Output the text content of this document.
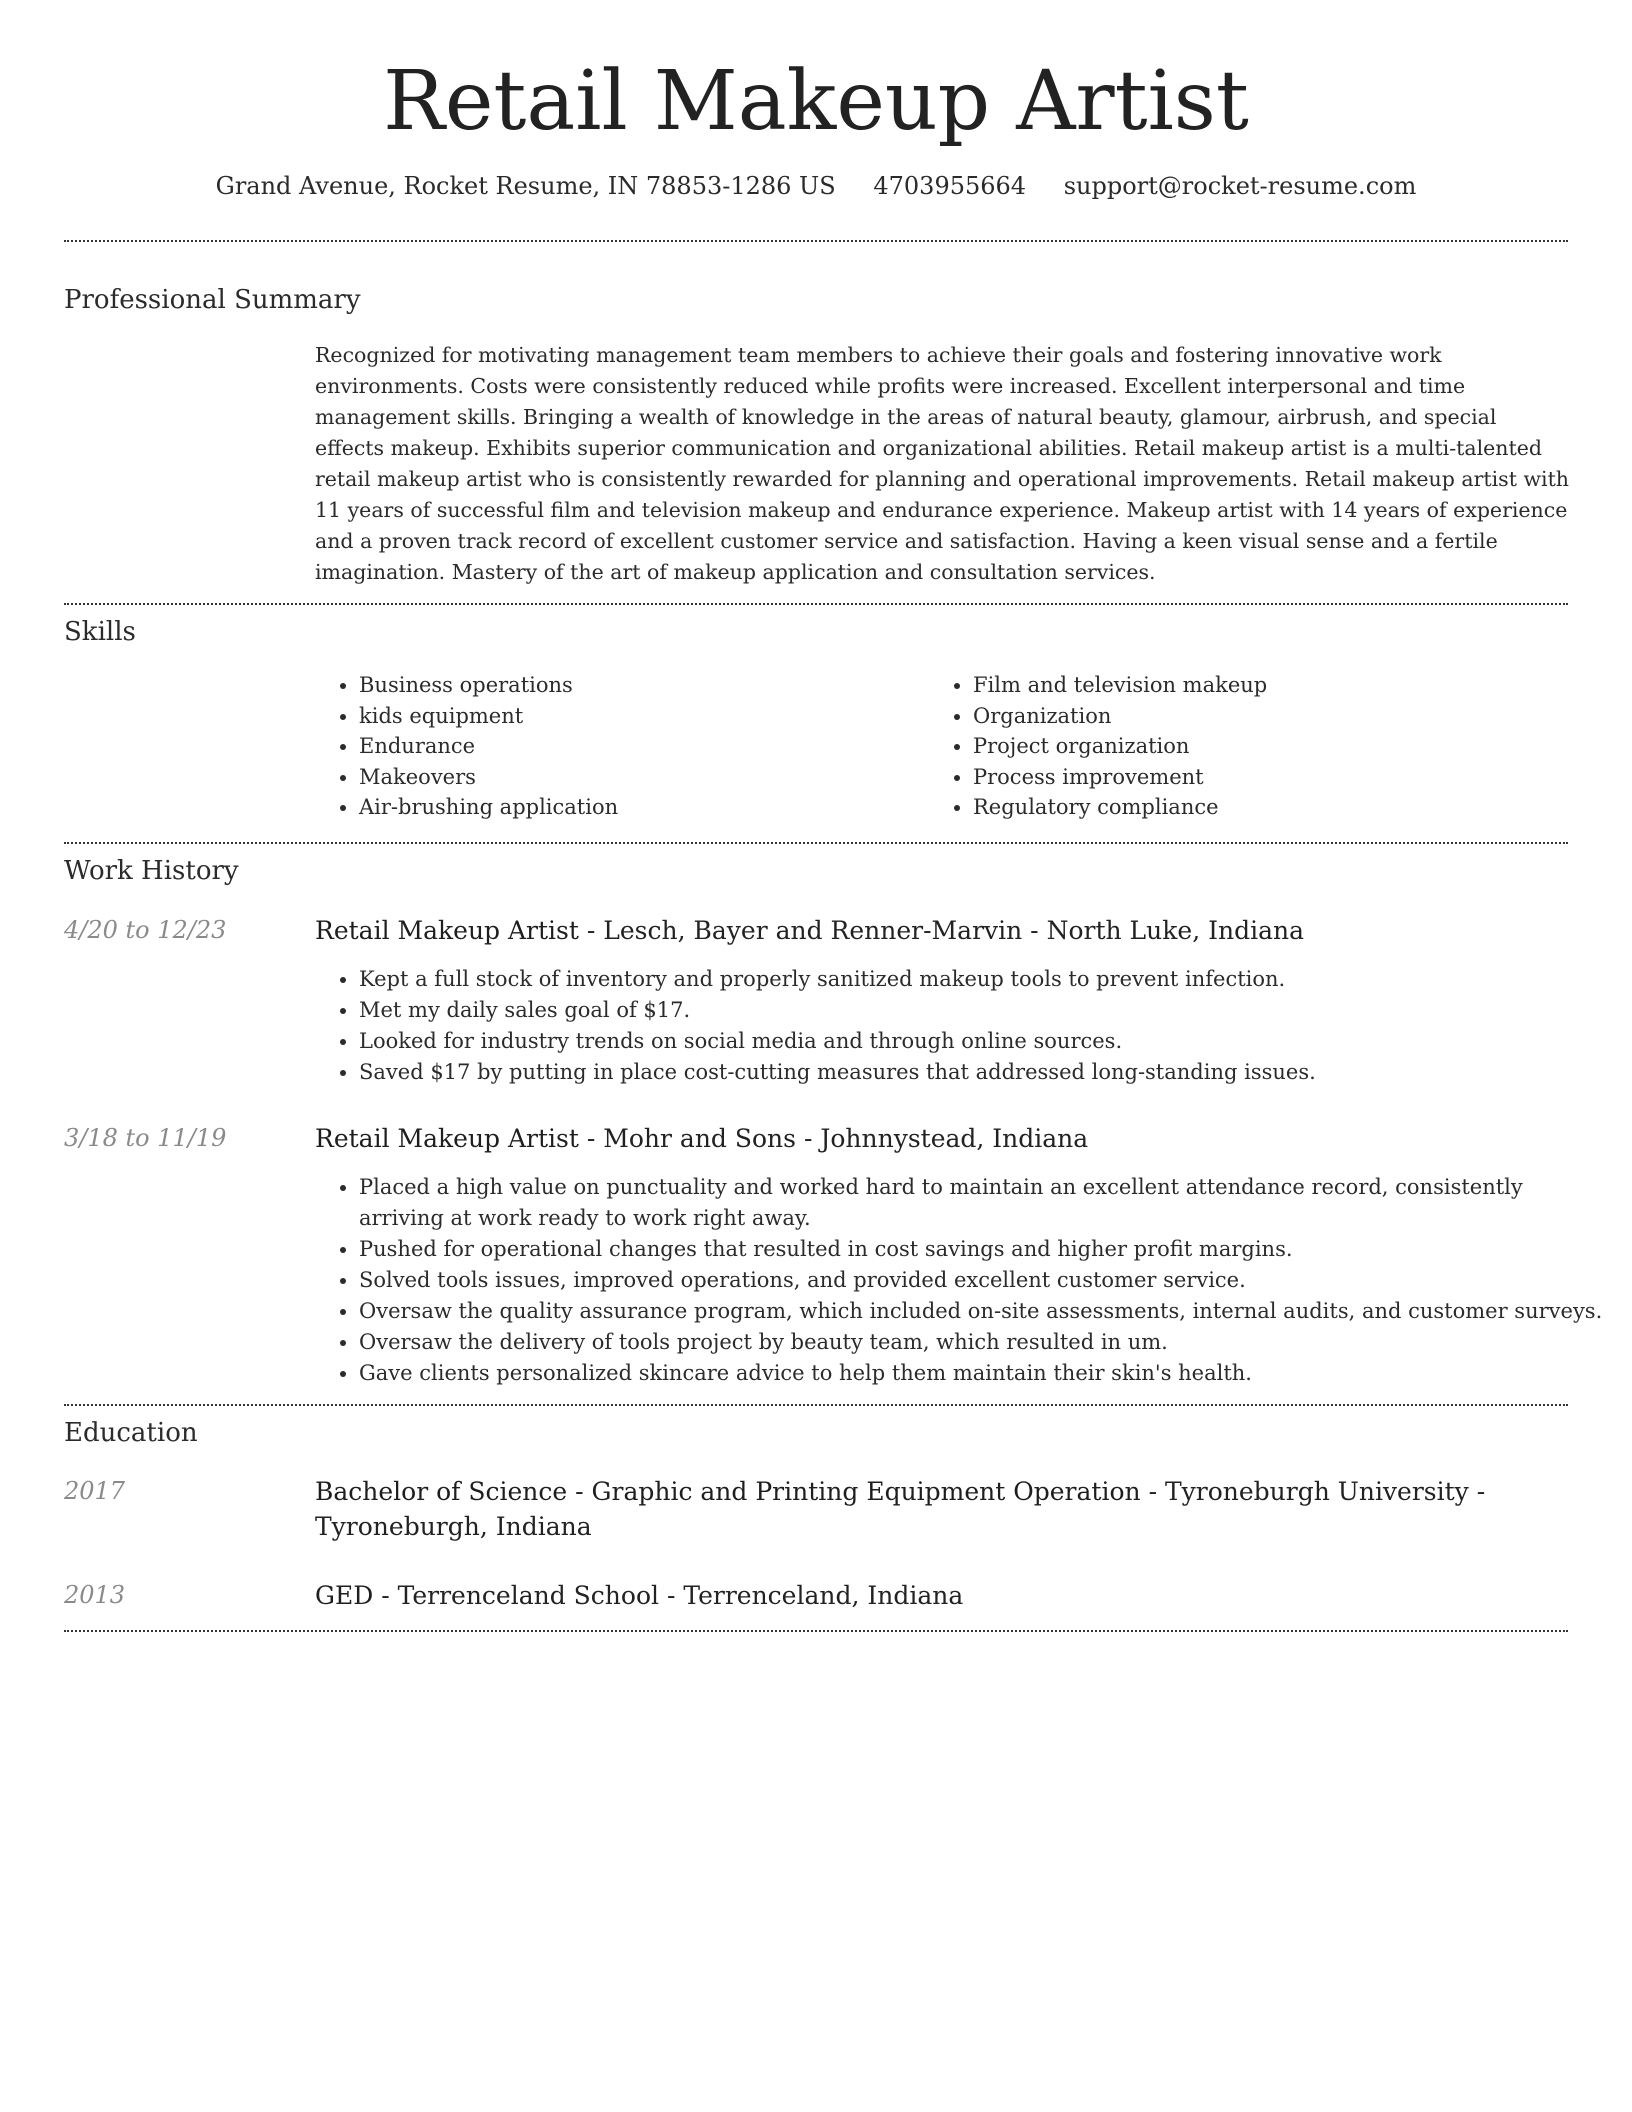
Retail Makeup Artist
Grand Avenue, Rocket Resume, IN 78853-1286 US 4703955664 support@rocket-resume.com
Professional Summary

Recognized for motivating management team members to achieve their goals and fostering innovative work environments. Costs were consistently reduced while profits were increased. Excellent interpersonal and time management skills. Bringing a wealth of knowledge in the areas of natural beauty, glamour, airbrush, and special effects makeup. Exhibits superior communication and organizational abilities. Retail makeup artist is a multi-talented retail makeup artist who is consistently rewarded for planning and operational improvements. Retail makeup artist with 11 years of successful film and television makeup and endurance experience. Makeup artist with 14 years of experience and a proven track record of excellent customer service and satisfaction. Having a keen visual sense and a fertile imagination. Mastery of the art of makeup application and consultation services.

Skills
• Business operations
• kids equipment
• Endurance
• Makeovers
• Air-brushing application
• Film and television makeup
• Organization
• Project organization
• Process improvement
• Regulatory compliance
Work History
4/20 to 12/23	Retail Makeup Artist - Lesch, Bayer and Renner-Marvin - North Luke, Indiana
• Kept a full stock of inventory and properly sanitized makeup tools to prevent infection.
• Met my daily sales goal of $17.
• Looked for industry trends on social media and through online sources.
• Saved $17 by putting in place cost-cutting measures that addressed long-standing issues.
3/18 to 11/19	Retail Makeup Artist - Mohr and Sons - Johnnystead, Indiana
• Placed a high value on punctuality and worked hard to maintain an excellent attendance record, consistently arriving at work ready to work right away.
• Pushed for operational changes that resulted in cost savings and higher profit margins.
• Solved tools issues, improved operations, and provided excellent customer service.
• Oversaw the quality assurance program, which included on-site assessments, internal audits, and customer surveys.
• Oversaw the delivery of tools project by beauty team, which resulted in um.
• Gave clients personalized skincare advice to help them maintain their skin's health.
Education
2017	Bachelor of Science - Graphic and Printing Equipment Operation - Tyroneburgh University - Tyroneburgh, Indiana
2013	GED - Terrenceland School - Terrenceland, Indiana
